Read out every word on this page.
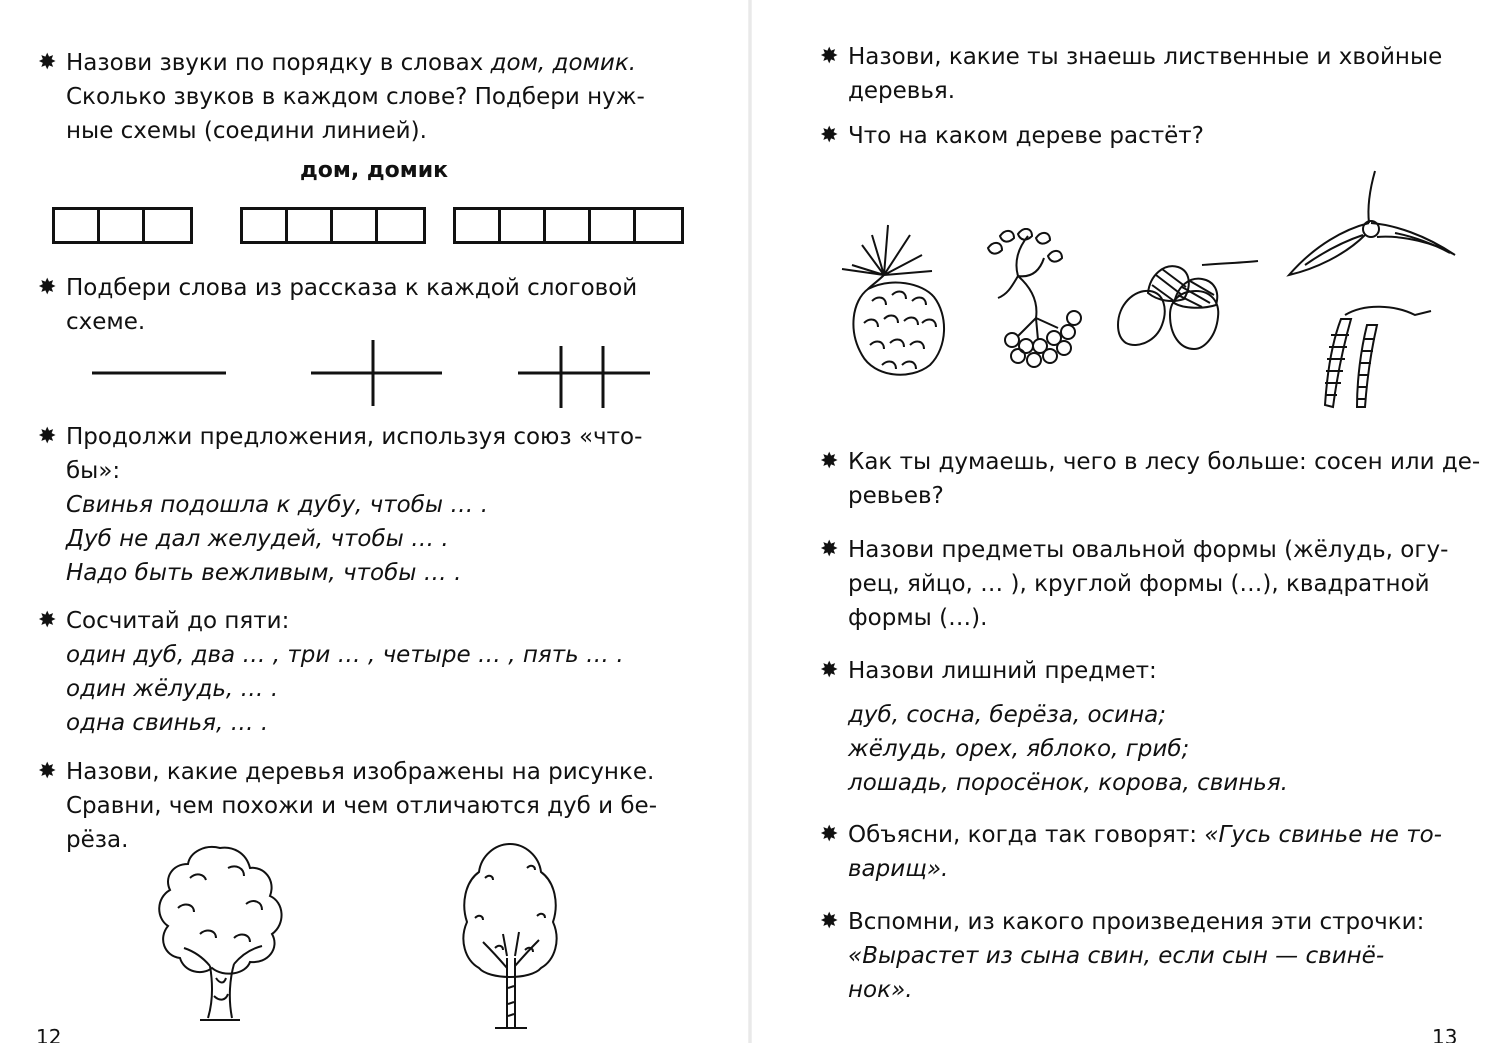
✸ Назови звуки по порядку в словах дом, домик.
Сколько звуков в каждом слове? Подбери нуж-
ные схемы (соедини линией).
дом, домик
✸ Подбери слова из рассказа к каждой слоговой
схеме.
✸ Продолжи предложения, используя союз «что-
бы»:
Свинья подошла к дубу, чтобы … .
Дуб не дал желудей, чтобы … .
Надо быть вежливым, чтобы … .
✸ Сосчитай до пяти:
один дуб, два … , три … , четыре … , пять … .
один жёлудь, … .
одна свинья, … .
✸ Назови, какие деревья изображены на рисунке.
Сравни, чем похожи и чем отличаются дуб и бе-
рёза.
12
✸ Назови, какие ты знаешь лиственные и хвойные
деревья.
✸ Что на каком дереве растёт?
✸ Как ты думаешь, чего в лесу больше: сосен или де-
ревьев?
✸ Назови предметы овальной формы (жёлудь, огу-
рец, яйцо, … ), круглой формы (…), квадратной
формы (…).
✸ Назови лишний предмет:
дуб, сосна, берёза, осина;
жёлудь, орех, яблоко, гриб;
лошадь, поросёнок, корова, свинья.
✸ Объясни, когда так говорят: «Гусь свинье не то-
варищ».
✸ Вспомни, из какого произведения эти строчки:
«Вырастет из сына свин, если сын — свинё-
нок».
13
